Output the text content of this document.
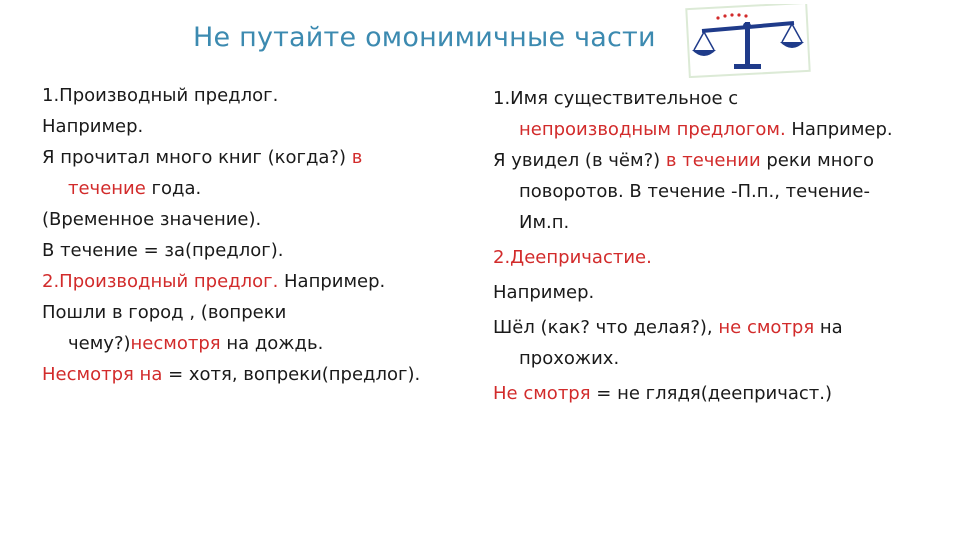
Не путайте омонимичные части
1.Производный предлог.
Например.
Я прочитал много книг (когда?) в
течение года.
(Временное значение).
В течение = за(предлог).
2.Производный предлог. Например.
Пошли в город , (вопреки
чему?)несмотря на дождь.
Несмотря на = хотя, вопреки(предлог).
1.Имя существительное с
непроизводным предлогом. Например.
Я увидел (в чём?) в течении реки много
поворотов. В течение -П.п., течение-
Им.п.
2.Деепричастие.
Например.
Шёл (как? что делая?), не смотря на
прохожих.
Не смотря = не глядя(деепричаст.)
